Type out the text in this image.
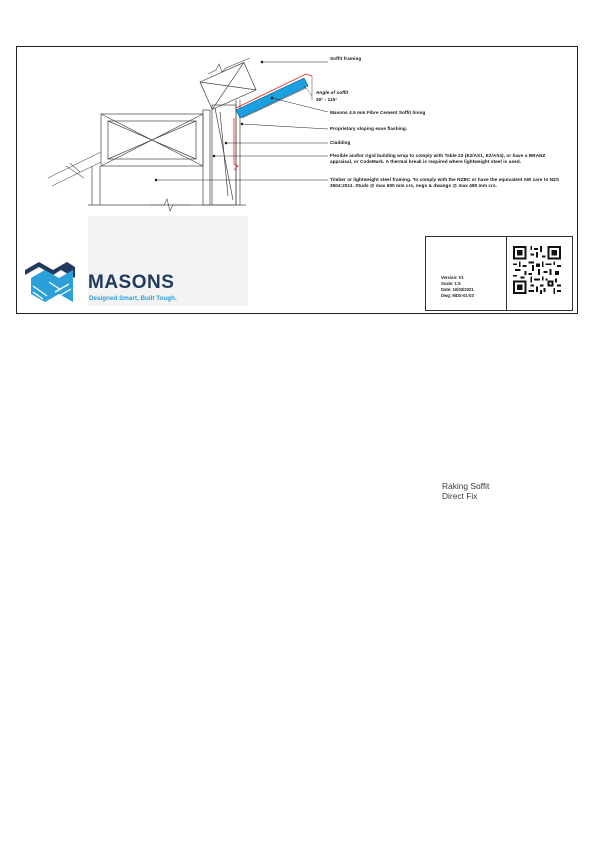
Soffit framing
Angle of soffit
30° - 115°
Masons 4.5 mm Fibre Cement Soffit lining
Proprietary sloping eave flashing.
Cladding
Flexible and/or rigid building wrap to comply with Table 23 (E2/AS1, E2/AS4), or have a BRANZ appraisal, or CodeMark. A thermal break is required where lightweight steel is used.
Timber or lightweight steel framing. To comply with the NZBC or have the equivalent AW care to NZS 3604:2011. Studs @ max 600 mm crs, nogs & dwangs @ max 480 mm crs.
MASONS
Designed Smart, Built Tough.
Raking Soffit
Direct Fix
Version: V1
Scale: 1:5
Date: 10/03/2021
Dwg: MDS-01-03
